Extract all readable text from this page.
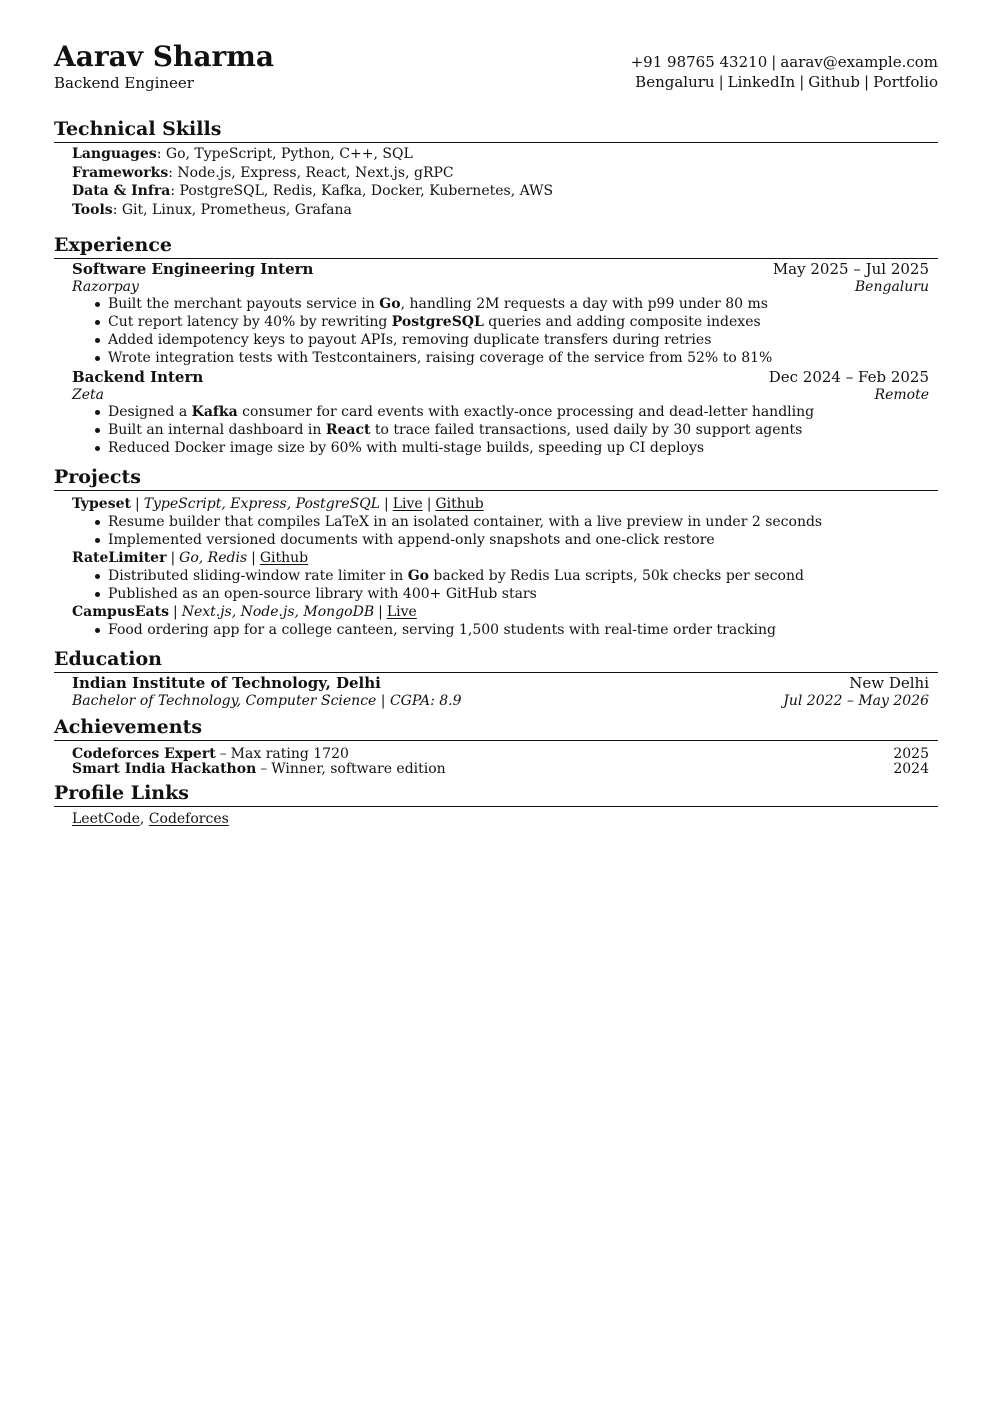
Aarav Sharma
Backend Engineer
+91 98765 43210 | aarav@example.com
Bengaluru | LinkedIn | Github | Portfolio
Technical Skills
Languages: Go, TypeScript, Python, C++, SQL
Frameworks: Node.js, Express, React, Next.js, gRPC
Data & Infra: PostgreSQL, Redis, Kafka, Docker, Kubernetes, AWS
Tools: Git, Linux, Prometheus, Grafana
Experience
Software Engineering Intern	May 2025 – Jul 2025
Razorpay	Bengaluru
Built the merchant payouts service in Go, handling 2M requests a day with p99 under 80 ms
Cut report latency by 40% by rewriting PostgreSQL queries and adding composite indexes
Added idempotency keys to payout APIs, removing duplicate transfers during retries
Wrote integration tests with Testcontainers, raising coverage of the service from 52% to 81%
Backend Intern	Dec 2024 – Feb 2025
Zeta	Remote
Designed a Kafka consumer for card events with exactly-once processing and dead-letter handling
Built an internal dashboard in React to trace failed transactions, used daily by 30 support agents
Reduced Docker image size by 60% with multi-stage builds, speeding up CI deploys
Projects
Typeset | TypeScript, Express, PostgreSQL | Live | Github
Resume builder that compiles LaTeX in an isolated container, with a live preview in under 2 seconds
Implemented versioned documents with append-only snapshots and one-click restore
RateLimiter | Go, Redis | Github
Distributed sliding-window rate limiter in Go backed by Redis Lua scripts, 50k checks per second
Published as an open-source library with 400+ GitHub stars
CampusEats | Next.js, Node.js, MongoDB | Live
Food ordering app for a college canteen, serving 1,500 students with real-time order tracking
Education
Indian Institute of Technology, Delhi	New Delhi
Bachelor of Technology, Computer Science | CGPA: 8.9	Jul 2022 – May 2026
Achievements
Codeforces Expert – Max rating 1720	2025
Smart India Hackathon – Winner, software edition	2024
Profile Links
LeetCode, Codeforces
